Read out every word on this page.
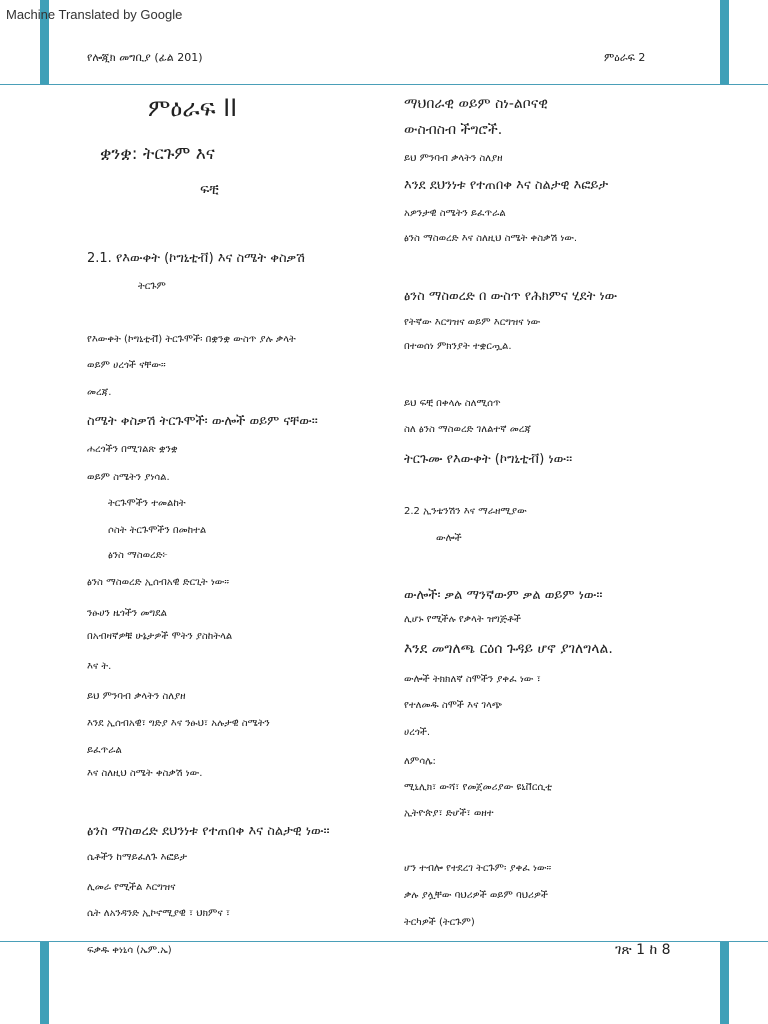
Machine Translated by Google
የሎጂክ መግቢያ (ፊል 201)	ምዕራፍ 2
ምዕራፍ II
ቋንቋ: ትርጉም እና
ፍቺ
2.1. የእውቀት (ኮግኒቲቭ) እና ስሜት ቀስቃሽ
ትርጉም
የእውቀት (ኮግኒቲቭ) ትርጉሞች፡ በቋንቋ ውስጥ ያሉ ቃላት
ወይም ሀረጎች ናቸው።
መረጃ.
ስሜት ቀስቃሽ ትርጉሞች፡ ውሎች ወይም ናቸው።
ሐረጎችን በሚገልጽ ቋንቋ
ወይም ስሜትን ያነሳል.
ትርጉሞችን ተመልከት
ሶስት ትርጉሞችን በመከተል
ፅንስ ማስወረድ፦
ፅንስ ማስወረድ ኢሰብአዊ ድርጊት ነው።
ንፁሀን ዜጎችን መግደል
በአብዛኛዎቹ ሁኔታዎች ሞትን ያስከትላል
እና ት.
ይህ ምንባብ ቃላትን ስለያዘ
እንደ ኢሰብአዊ፣ ግድያ እና ንፁህ፣ አሉታዊ ስሜትን
ይፈጥራል
እና ስለዚህ ስሜት ቀስቃሽ ነው.
ፅንስ ማስወረድ ደህንነቱ የተጠበቀ እና ስልታዊ ነው።
ሴቶችን ከማይፈለጉ እፎይታ
ሊመራ የሚችል እርግዝና
ሴት ለአንዳንድ ኢኮኖሚያዊ ፣ ህክምና ፣
ማህበራዊ ወይም ስነ-ልቦናዊ
ውስብስብ ችግሮች.
ይህ ምንባብ ቃላትን ስለያዘ
እንደ ደህንነቱ የተጠበቀ እና ስልታዊ እፎይታ
አዎንታዊ ስሜትን ይፈጥራል
ፅንስ ማስወረድ እና ስለዚህ ስሜት ቀስቃሽ ነው.
ፅንስ ማስወረድ በ ውስጥ የሕክምና ሂደት ነው
የትኛው እርግዝና ወይም እርግዝና ነው
በተወሰነ ምክንያት ተቋርጧል.
ይህ ፍቺ በቀላሉ ስለሚሰጥ
ስለ ፅንስ ማስወረድ ገለልተኛ መረጃ
ትርጉሙ የእውቀት (ኮግኒቲቭ) ነው።
2.2 ኢንቴንሽን እና ማራዘሚያው
ውሎች
ውሎች፡ ቃል ማንኛውም ቃል ወይም ነው።
ሊሆኑ የሚችሉ የቃላት ዝግጅቶች
እንደ መግለጫ ርዕሰ ጉዳይ ሆኖ ያገለግላል.
ውሎች ትክክለኛ ስሞችን ያቀፈ ነው ፣
የተለመዱ ስሞች እና ገላጭ
ሀረጎች.
ለምሳሌ:
ሚኒሊክ፣ ውሻ፣ የመጀመሪያው ዩኒቨርሲቲ
ኢትዮጵያ፣ ድሆች፣ ወዘተ
ሆን ተብሎ የተደረገ ትርጉም፡ ያቀፈ ነው።
ቃሉ ያሏቸው ባህሪዎች ወይም ባህሪዎች
ትርካዎች (ትርጉም)
ፍቃዱ ቀነኒሳ (ኤም.ኤ)	ገጽ 1 ከ 8
